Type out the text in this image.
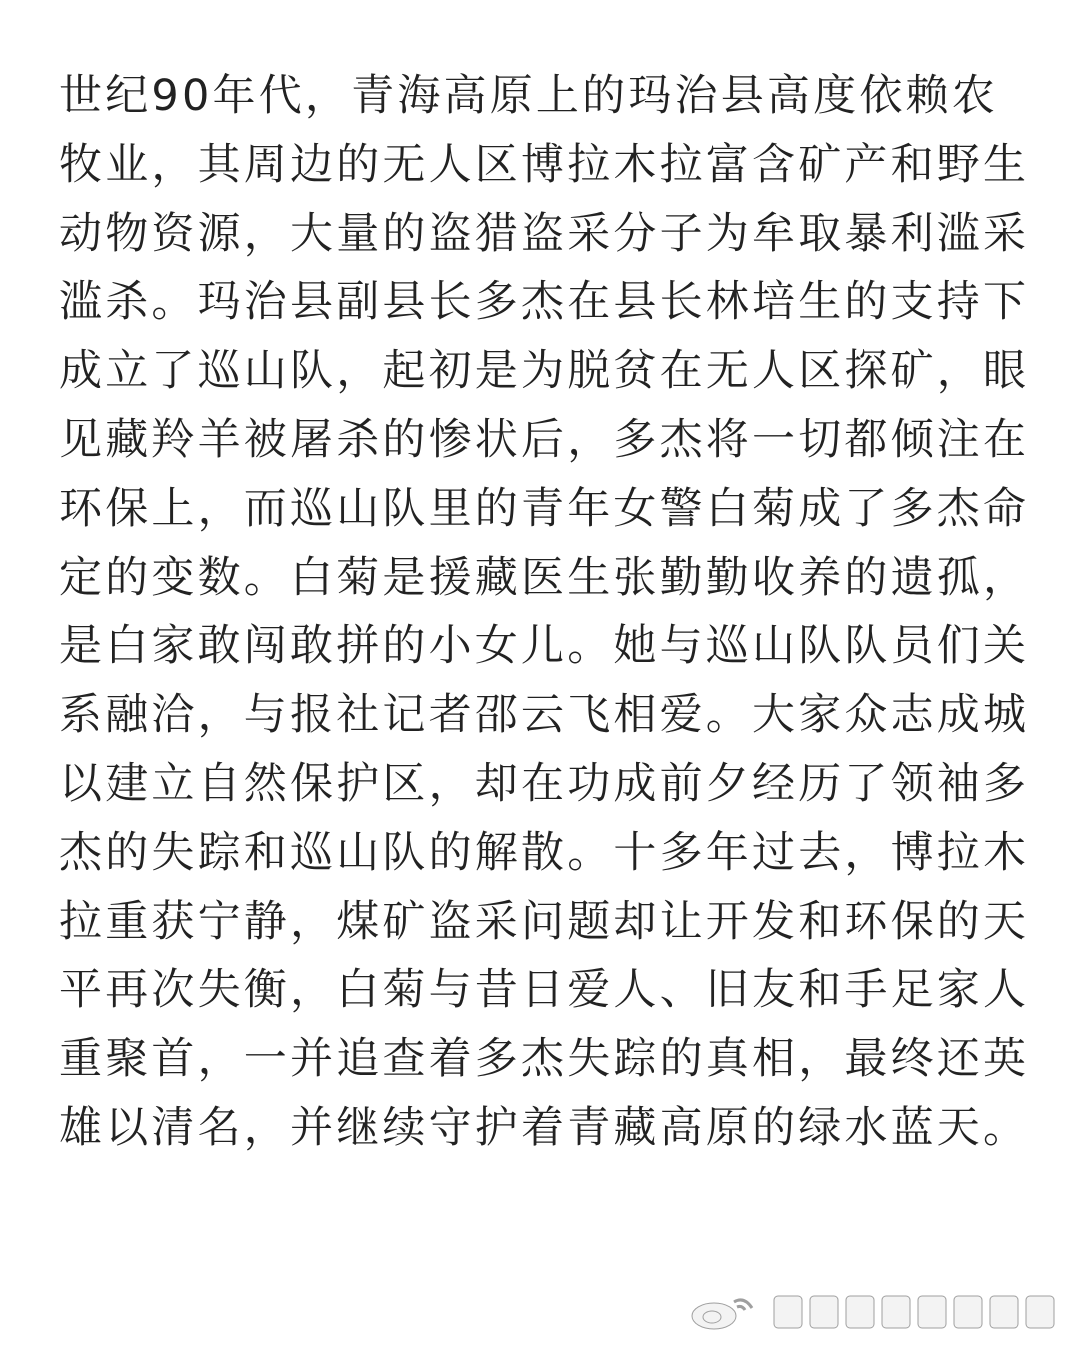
世纪90年代，青海高原上的玛治县高度依赖农
牧业，其周边的无人区博拉木拉富含矿产和野生
动物资源，大量的盗猎盗采分子为牟取暴利滥采
滥杀。玛治县副县长多杰在县长林培生的支持下
成立了巡山队，起初是为脱贫在无人区探矿，眼
见藏羚羊被屠杀的惨状后，多杰将一切都倾注在
环保上，而巡山队里的青年女警白菊成了多杰命
定的变数。白菊是援藏医生张勤勤收养的遗孤，
是白家敢闯敢拼的小女儿。她与巡山队队员们关
系融洽，与报社记者邵云飞相爱。大家众志成城
以建立自然保护区，却在功成前夕经历了领袖多
杰的失踪和巡山队的解散。十多年过去，博拉木
拉重获宁静，煤矿盗采问题却让开发和环保的天
平再次失衡，白菊与昔日爱人、旧友和手足家人
重聚首，一并追查着多杰失踪的真相，最终还英
雄以清名，并继续守护着青藏高原的绿水蓝天。
